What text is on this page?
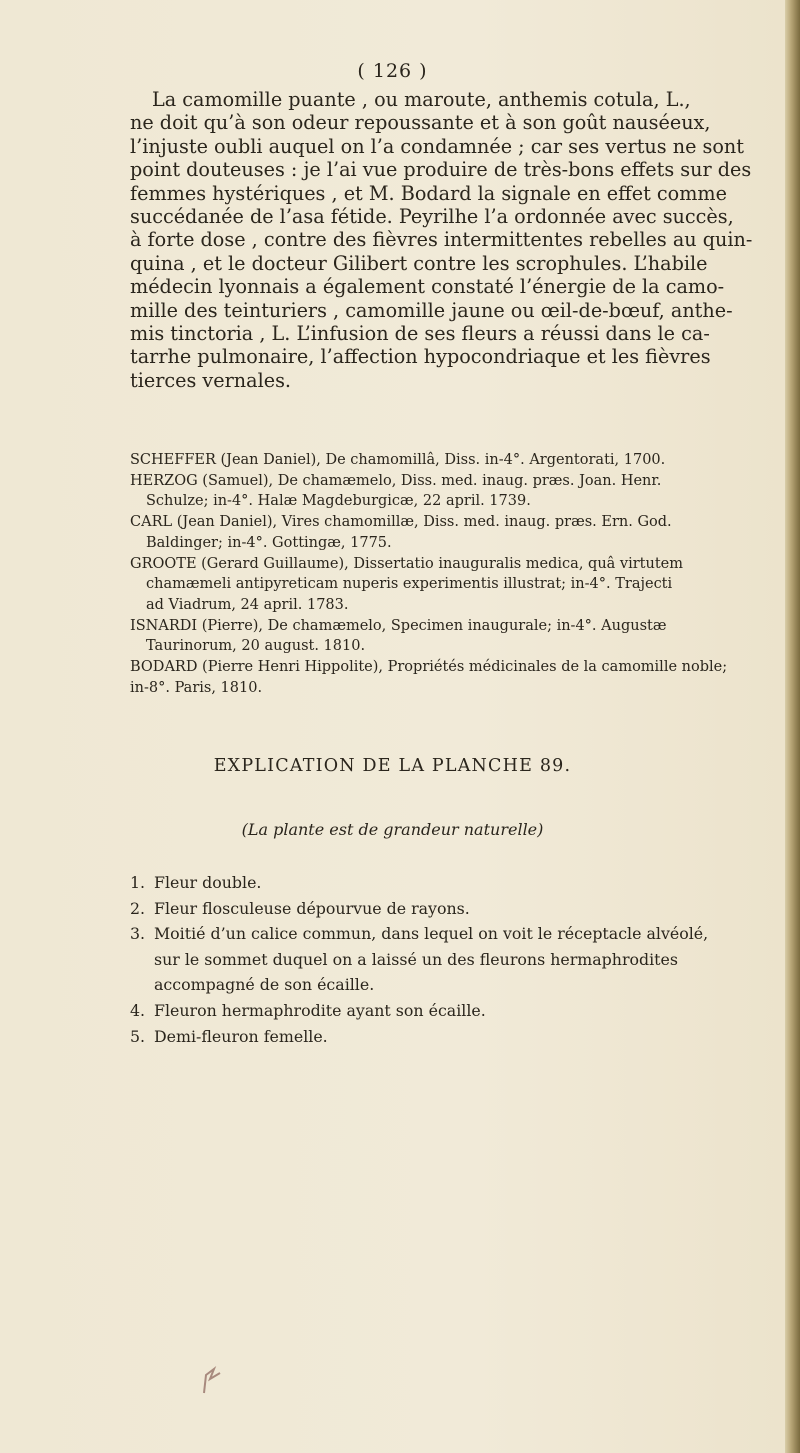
( 126 )
La camomille puante , ou maroute, anthemis cotula, L.,
ne doit qu’à son odeur repoussante et à son goût nauséeux,
l’injuste oubli auquel on l’a condamnée ; car ses vertus ne sont
point douteuses : je l’ai vue produire de très-bons effets sur des
femmes hystériques , et M. Bodard la signale en effet comme
succédanée de l’asa fétide. Peyrilhe l’a ordonnée avec succès,
à forte dose , contre des fièvres intermittentes rebelles au quin-
quina , et le docteur Gilibert contre les scrophules. L’habile
médecin lyonnais a également constaté l’énergie de la camo-
mille des teinturiers , camomille jaune ou œil-de-bœuf, anthe-
mis tinctoria , L. L’infusion de ses fleurs a réussi dans le ca-
tarrhe pulmonaire, l’affection hypocondriaque et les fièvres
tierces vernales.
SCHEFFER (Jean Daniel), De chamomillâ, Diss. in-4°. Argentorati, 1700.
HERZOG (Samuel), De chamæmelo, Diss. med. inaug. præs. Joan. Henr.
Schulze; in-4°. Halæ Magdeburgicæ, 22 april. 1739.
CARL (Jean Daniel), Vires chamomillæ, Diss. med. inaug. præs. Ern. God.
Baldinger; in-4°. Gottingæ, 1775.
GROOTE (Gerard Guillaume), Dissertatio inauguralis medica, quâ virtutem
chamæmeli antipyreticam nuperis experimentis illustrat; in-4°. Trajecti
ad Viadrum, 24 april. 1783.
ISNARDI (Pierre), De chamæmelo, Specimen inaugurale; in-4°. Augustæ
Taurinorum, 20 august. 1810.
BODARD (Pierre Henri Hippolite), Propriétés médicinales de la camomille noble;
in-8°. Paris, 1810.
EXPLICATION DE LA PLANCHE 89.
(La plante est de grandeur naturelle)
1. Fleur double.
2. Fleur flosculeuse dépourvue de rayons.
3. Moitié d’un calice commun, dans lequel on voit le réceptacle alvéolé,
sur le sommet duquel on a laissé un des fleurons hermaphrodites
accompagné de son écaille.
4. Fleuron hermaphrodite ayant son écaille.
5. Demi-fleuron femelle.
